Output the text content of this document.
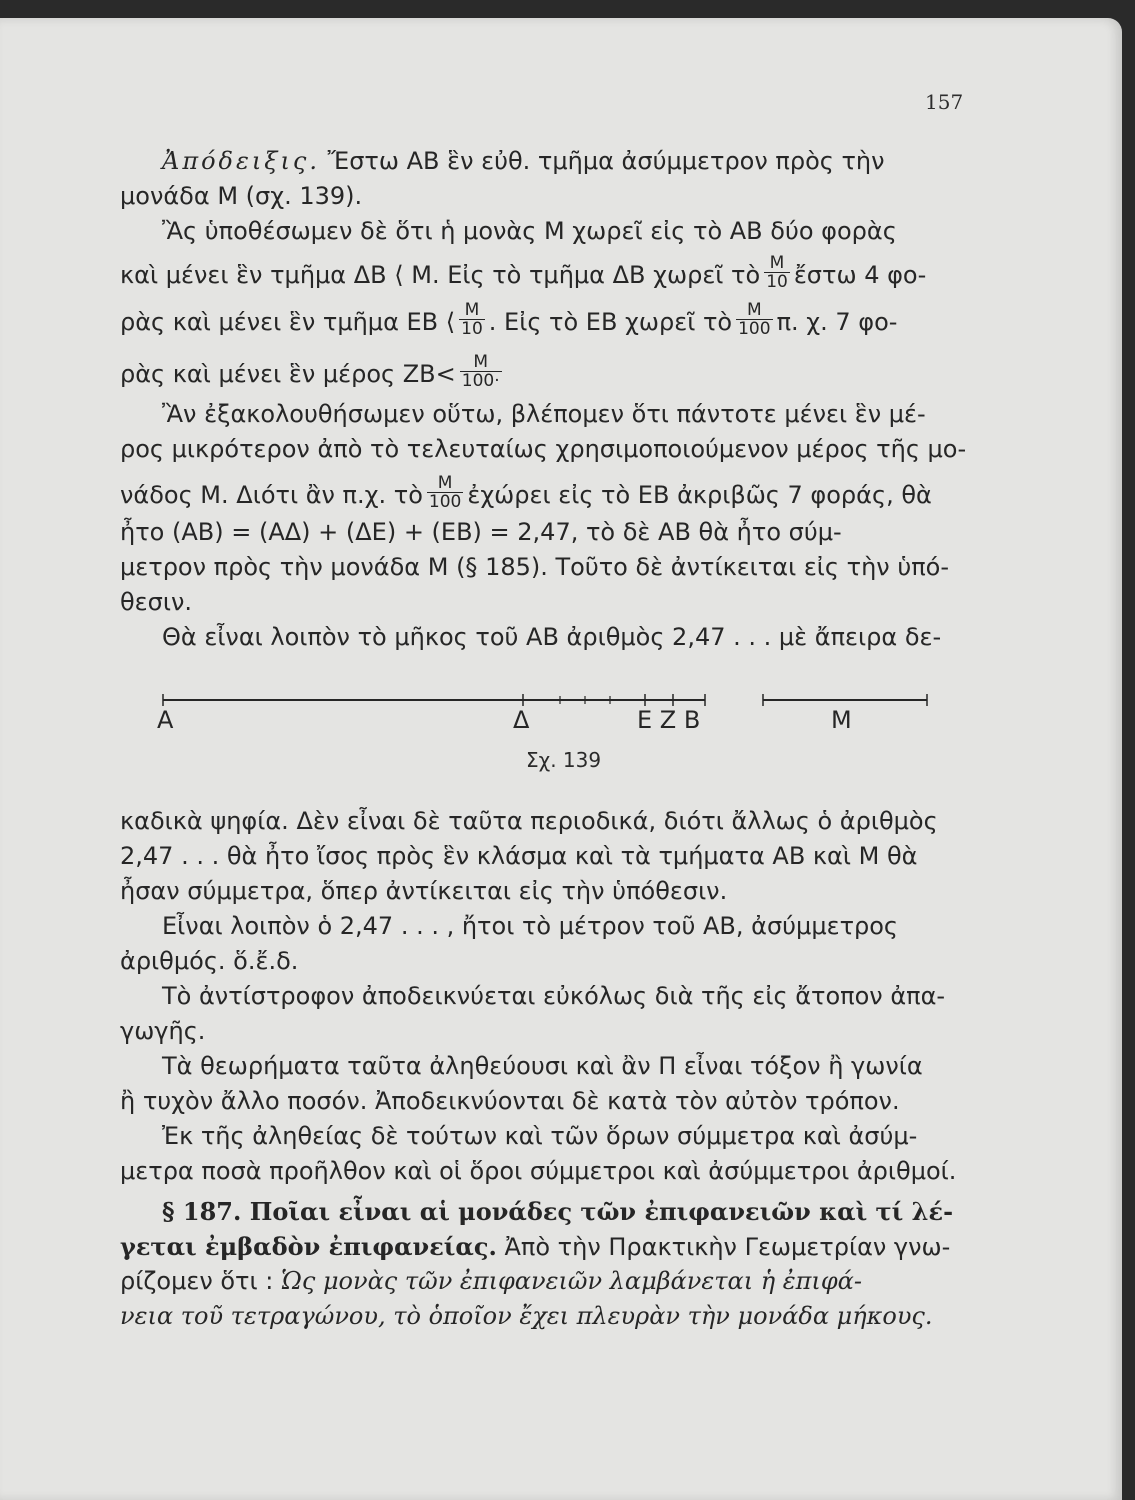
157
Ἀπόδειξις. Ἔστω AB ἓν εὐθ. τμῆμα ἀσύμμετρον πρὸς τὴν
μονάδα M (σχ. 139).
Ἂς ὑποθέσωμεν δὲ ὅτι ἡ μονὰς M χωρεῖ εἰς τὸ AB δύο φορὰς
καὶ μένει ἓν τμῆμα ΔΒ ⟨ M. Εἰς τὸ τμῆμα ΔB χωρεῖ τὸ $\frac{M}{10}$ ἔστω 4 φο-
ρὰς καὶ μένει ἓν τμῆμα ΕΒ ⟨ $\frac{M}{10}$ . Εἰς τὸ ΕΒ χωρεῖ τὸ $\frac{M}{100} \pi$. χ. 7 φο-
ρὰς καὶ μένει ἓν μέρος $ZB< \frac{M}{100\cdot}$
Ἂν ἐξακολουθήσωμεν οὕτω, βλέπομεν ὅτι πάντοτε μένει ἓν μέ-
ρος μικρότερον ἀπὸ τὸ τελευταίως χρησιμοποιούμενον μέρος τῆς μο-
νάδος M. Διότι ἂν π.χ. τὸ $\frac{M}{100}$ ἐχώρει εἰς τὸ ΕΒ ἀκριβῶς 7 φοράς, θὰ
ἦτο (AB) = (AΔ) + (ΔΕ) + (ΕΒ) = 2,47, τὸ δὲ AB θὰ ἦτο σύμ-
μετρον πρὸς τὴν μονάδα M (§ 185). Τοῦτο δὲ ἀντίκειται εἰς τὴν ὑπό-
θεσιν.
Θὰ εἶναι λοιπὸν τὸ μῆκος τοῦ AB ἀριθμὸς 2,47 . . . μὲ ἄπειρα δε-
A	Δ	E Z B	M
Σχ. 139
καδικὰ ψηφία. Δὲν εἶναι δὲ ταῦτα περιοδικά, διότι ἄλλως ὁ ἀριθμὸς
2,47 . . . θὰ ἦτο ἴσος πρὸς ἓν κλάσμα καὶ τὰ τμήματα AB καὶ M θὰ
ἦσαν σύμμετρα, ὅπερ ἀντίκειται εἰς τὴν ὑπόθεσιν.
Εἶναι λοιπὸν ὁ 2,47 . . . , ἤτοι τὸ μέτρον τοῦ AB, ἀσύμμετρος
ἀριθμός. ὅ.ἔ.δ.
Τὸ ἀντίστροφον ἀποδεικνύεται εὐκόλως διὰ τῆς εἰς ἄτοπον ἀπα-
γωγῆς.
Τὰ θεωρήματα ταῦτα ἀληθεύουσι καὶ ἂν Π εἶναι τόξον ἢ γωνία
ἢ τυχὸν ἄλλο ποσόν. Ἀποδεικνύονται δὲ κατὰ τὸν αὐτὸν τρόπον.
Ἐκ τῆς ἀληθείας δὲ τούτων καὶ τῶν ὅρων σύμμετρα καὶ ἀσύμ-
μετρα ποσὰ προῆλθον καὶ οἱ ὅροι σύμμετροι καὶ ἀσύμμετροι ἀριθμοί.
§ 187. Ποῖαι εἶναι αἱ μονάδες τῶν ἐπιφανειῶν καὶ τί λέ-
γεται ἐμβαδὸν ἐπιφανείας. Ἀπὸ τὴν Πρακτικὴν Γεωμετρίαν γνω-
ρίζομεν ὅτι : Ὡς μονὰς τῶν ἐπιφανειῶν λαμβάνεται ἡ ἐπιφά-
νεια τοῦ τετραγώνου, τὸ ὁποῖον ἔχει πλευρὰν τὴν μονάδα μήκους.
